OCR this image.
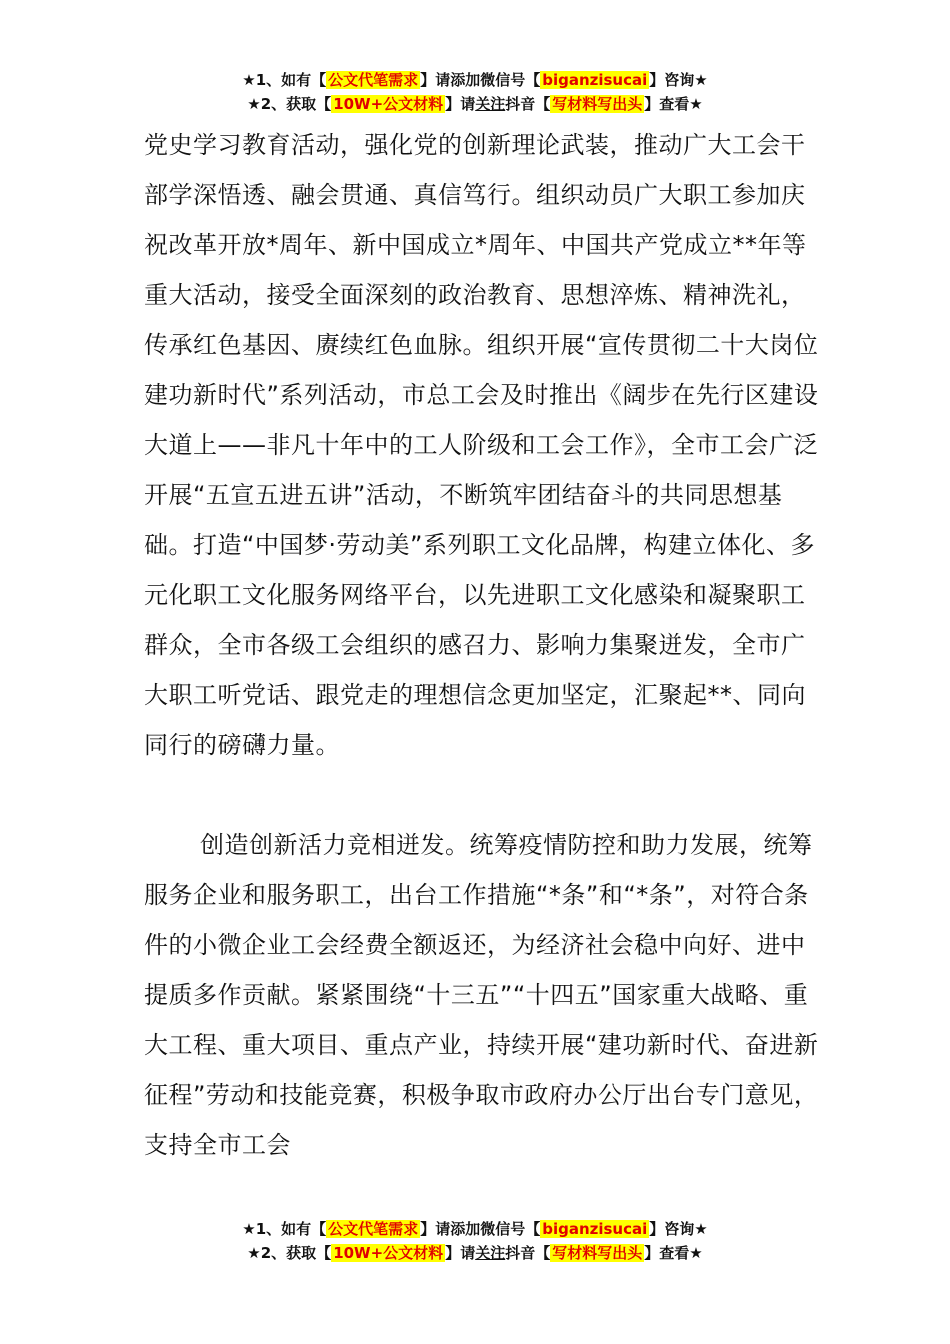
★1、如有【 公文代笔需求 】请添加微信号【 biganzisucai 】咨询★
★2、获取【 10W+公文材料 】请关注抖音【 写材料写出头 】查看★

党史学习教育活动，强化党的创新理论武装，推动广大工会干部学深悟透、融会贯通、真信笃行。组织动员广大职工参加庆祝改革开放*周年、新中国成立*周年、中国共产党成立**年等重大活动，接受全面深刻的政治教育、思想淬炼、精神洗礼，传承红色基因、赓续红色血脉。组织开展“宣传贯彻二十大岗位建功新时代”系列活动，市总工会及时推出《阔步在先行区建设大道上——非凡十年中的工人阶级和工会工作》，全市工会广泛开展“五宣五进五讲”活动，不断筑牢团结奋斗的共同思想基础。打造“中国梦·劳动美”系列职工文化品牌，构建立体化、多元化职工文化服务网络平台，以先进职工文化感染和凝聚职工群众，全市各级工会组织的感召力、影响力集聚迸发，全市广大职工听党话、跟党走的理想信念更加坚定，汇聚起**、同向同行的磅礴力量。

创造创新活力竞相迸发。统筹疫情防控和助力发展，统筹服务企业和服务职工，出台工作措施“*条”和“*条”，对符合条件的小微企业工会经费全额返还，为经济社会稳中向好、进中提质多作贡献。紧紧围绕“十三五”“十四五”国家重大战略、重大工程、重大项目、重点产业，持续开展“建功新时代、奋进新征程”劳动和技能竞赛，积极争取市政府办公厅出台专门意见，支持全市工会

★1、如有【 公文代笔需求 】请添加微信号【 biganzisucai 】咨询★
★2、获取【 10W+公文材料 】请关注抖音【 写材料写出头 】查看★
